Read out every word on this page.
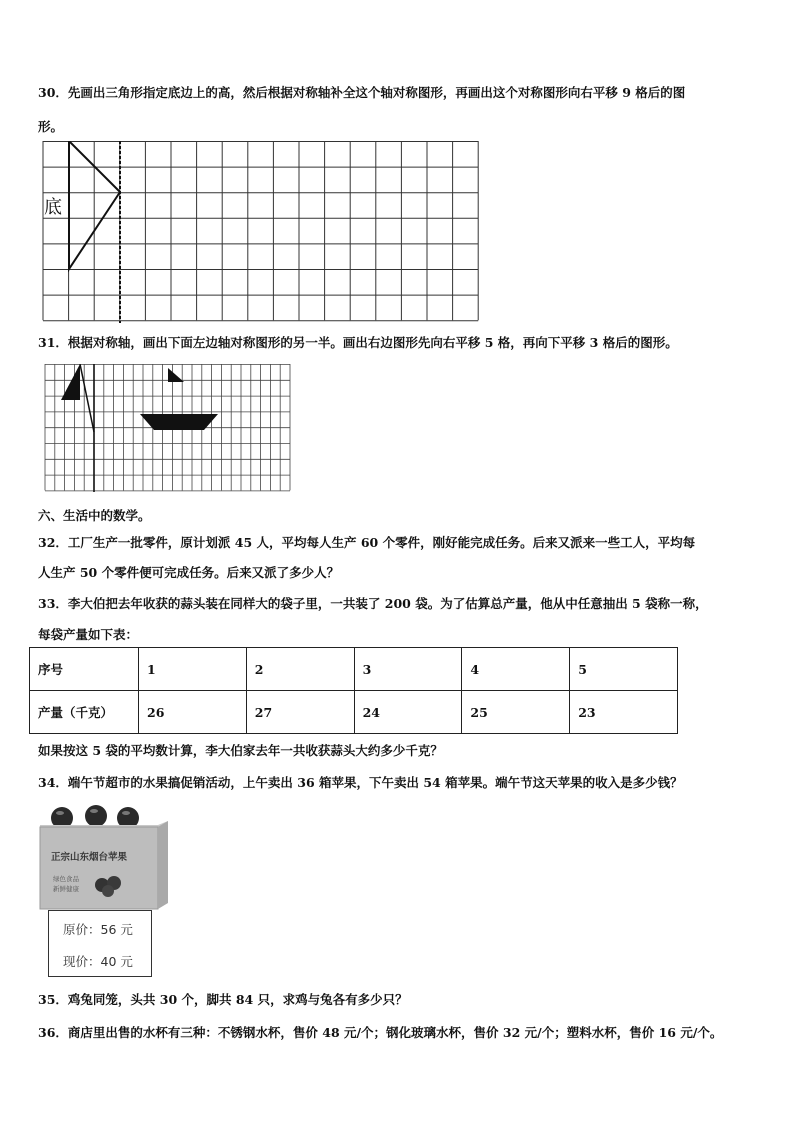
30．先画出三角形指定底边上的高，然后根据对称轴补全这个轴对称图形，再画出这个对称图形向右平移 9 格后的图
形。
底
31．根据对称轴，画出下面左边轴对称图形的另一半。画出右边图形先向右平移 5 格，再向下平移 3 格后的图形。
六、生活中的数学。
32．工厂生产一批零件，原计划派 45 人，平均每人生产 60 个零件，刚好能完成任务。后来又派来一些工人，平均每
人生产 50 个零件便可完成任务。后来又派了多少人？
33．李大伯把去年收获的蒜头装在同样大的袋子里，一共装了 200 袋。为了估算总产量，他从中任意抽出 5 袋称一称，
每袋产量如下表：
序号	1	2	3	4	5
产量（千克）	26	27	24	25	23
如果按这 5 袋的平均数计算，李大伯家去年一共收获蒜头大约多少千克？
34．端午节超市的水果搞促销活动，上午卖出 36 箱苹果，下午卖出 54 箱苹果。端午节这天苹果的收入是多少钱？
正宗山东烟台苹果
绿色食品
新鲜健康
原价：56 元
现价：40 元
35．鸡兔同笼，头共 30 个，脚共 84 只，求鸡与兔各有多少只？
36．商店里出售的水杯有三种：不锈钢水杯，售价 48 元/个；钢化玻璃水杯，售价 32 元/个；塑料水杯，售价 16 元/个。
